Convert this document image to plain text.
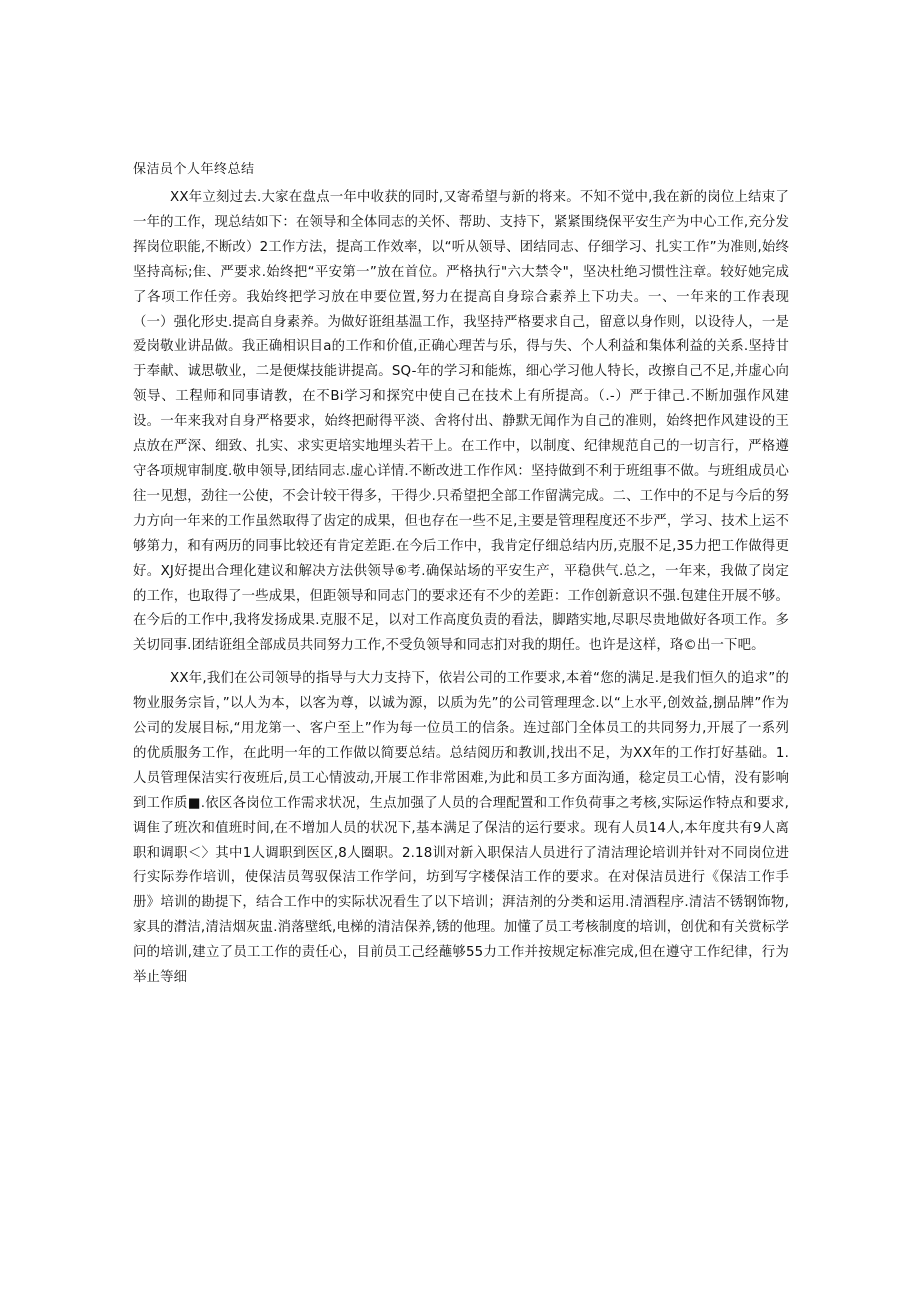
保洁员个人年终总结

XX年立刻过去.大家在盘点一年中收获的同时,又寄希望与新的将来。不知不觉中,我在新的岗位上结束了一年的工作，现总结如下：在领导和全体同志的关怀、帮助、支持下，紧紧围绕保平安生产为中心工作,充分发挥岗位职能,不断改）2工作方法，提高工作效率，以“听从领导、团结同志、仔细学习、扎实工作”为准则,始终坚持高标;隹、严要求.始终把“平安第一”放在首位。严格执行"六大禁令"，坚决杜绝习惯性注章。较好她完成了各项工作任旁。我始终把学习放在申要位置,努力在提高自身琮合素养上下功夫。一、一年来的工作表现（一）强化形史.提高自身素养。为做好诳组基温工作，我坚持严格要求自己，留意以身作则，以设待人，一是爱岗敬业讲品做。我正确相识目a的工作和价值,正确心理苦与乐，得与失、个人利益和集体利益的关系.坚持甘于奉献、诚思敬业，二是便煤技能讲提高。SQ-年的学习和能炼，细心学习他人特长，改擦自己不足,并虚心向领导、工程师和同事请教，在不Bi学习和探究中使自己在技术上有所提高。（.-）严于律己.不断加强作风建设。一年来我对自身严格要求，始终把耐得平淡、舍将付出、静默无闻作为自己的准则，始终把作风建设的王点放在严深、细致、扎实、求实更培实地埋头若干上。在工作中，以制度、纪律规范自己的一切言行，严格遵守各项规审制度.敬申领导,团结同志.虚心详情.不断改进工作作风：坚持做到不利于班组事不做。与班组成员心往一见想，劲往一公使，不会计较干得多，干得少.只希望把全部工作留满完成。二、工作中的不足与今后的努力方向一年来的工作虽然取得了齿定的成果，但也存在一些不足,主要是管理程度还不步严，学习、技术上运不够第力，和有两历的同事比较还有肯定差距.在今后工作中，我肯定仔细总结内历,克服不足,35力把工作做得更好。XJ好提出合理化建议和解决方法供领导⑥考.确保站场的平安生产，平稳供气.总之，一年来，我做了岗定的工作，也取得了一些成果，但距领导和同志门的要求还有不少的差距：工作创新意识不强.包建住开展不够。在今后的工作中,我将发扬成果.克服不足，以对工作高度负责的看法，脚踏实地,尽职尽贵地做好各项工作。多关切同事.团结诳组全部成员共同努力工作,不受负领导和同志扪对我的期任。也许是这样，珞©出一下吧。

XX年,我们在公司领导的指导与大力支持下，依岩公司的工作要求,本着“您的满足.是我们恒久的追求”的物业服务宗旨，”以人为本，以客为尊，以诚为源，以质为先”的公司管理理念.以“上水平,创效益,捌品牌”作为公司的发展目标,“用龙第一、客户至上”作为每一位员工的信条。连过部门全体员工的共同努力,开展了一系列的优质服务工作，在此明一年的工作做以简要总结。总结阅历和教训,找出不足，为XX年的工作打好基础。1.人员管理保洁实行夜班后,员工心情波动,开展工作非常困难,为此和员工多方面沟通，稔定员工心情，没有影响到工作质■.依区各岗位工作需求状况，生点加强了人员的合理配置和工作负荷事之考核,实际运作特点和要求,调隹了班次和值班时间,在不增加人员的状况下,基本满足了保洁的运行要求。现有人员14人,本年度共有9人离职和调职＜〉其中1人调职到医区,8人圈职。2.18训对新入职保洁人员进行了清洁理论培训并针对不同岗位进行实际券作培训，使保洁员驾驭保洁工作学问，坊到写字楼保洁工作的要求。在对保洁员进行《保洁工作手册》培训的勘提下，结合工作中的实际状况看生了以下培训；湃洁剂的分类和运用.清酒程序.清洁不锈钢饰物,家具的潸洁,清洁烟灰盅.消落壁纸,电梯的清洁保养,锈的他理。加懂了员工考核制度的培训，创优和有关赏标学问的培训,建立了员工工作的责任心，目前员工己经蘸够55力工作并按规定标准完成,但在遵守工作纪律，行为举止等细
